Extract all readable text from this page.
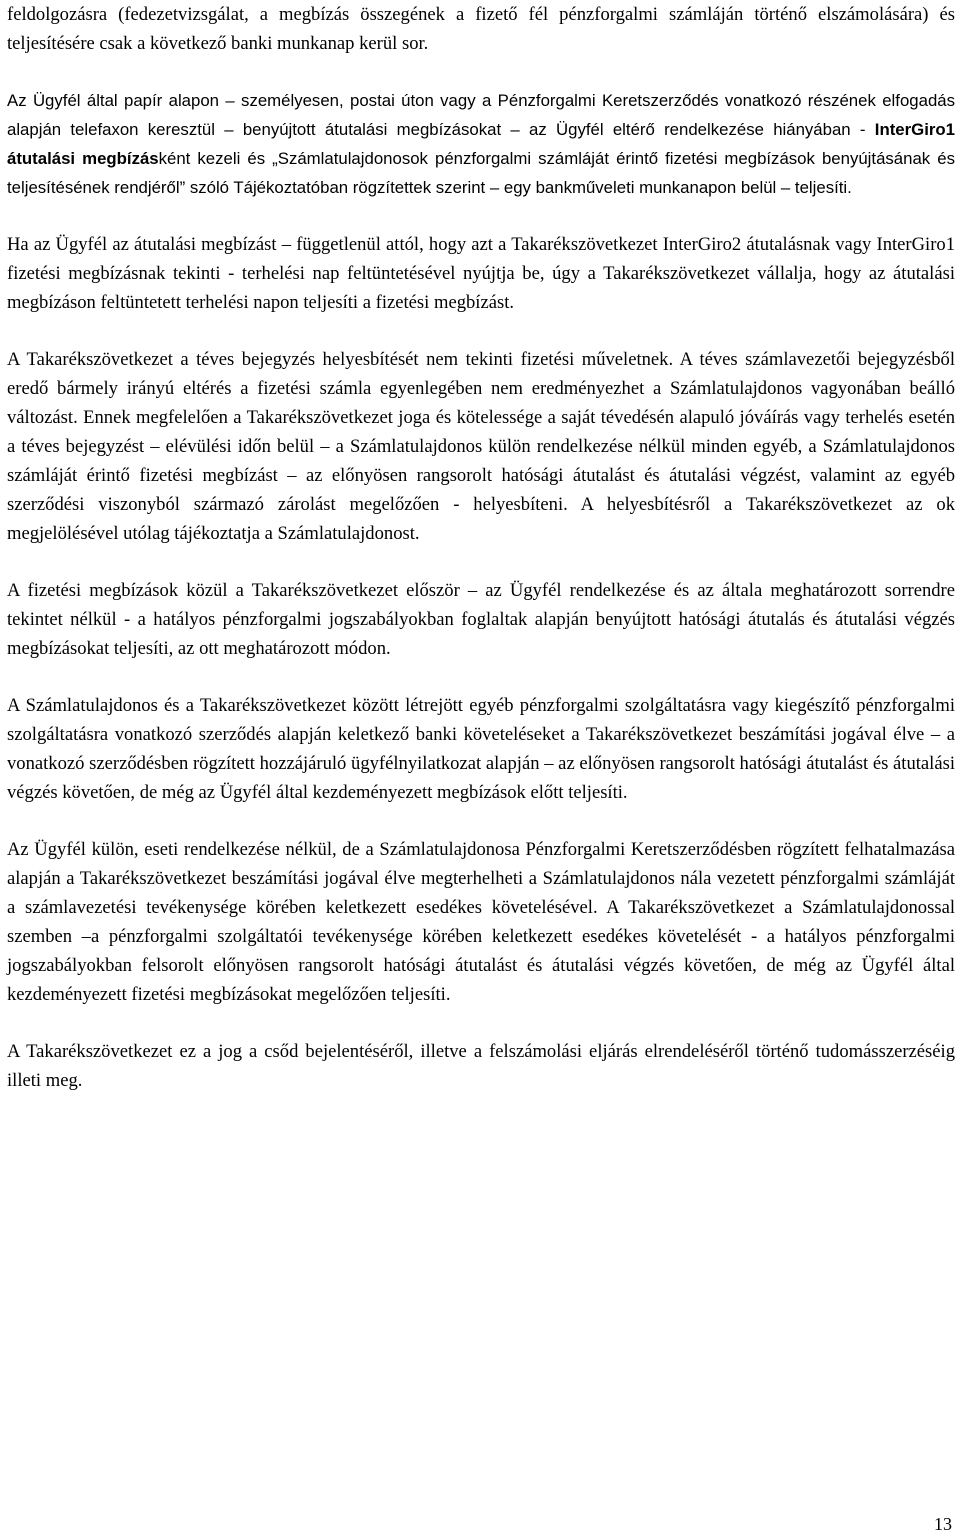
feldolgozásra (fedezetvizsgálat, a megbízás összegének a fizető fél pénzforgalmi számláján történő elszámolására) és teljesítésére csak a következő banki munkanap kerül sor.

Az Ügyfél által papír alapon – személyesen, postai úton vagy a Pénzforgalmi Keretszerződés vonatkozó részének elfogadás alapján telefaxon keresztül – benyújtott átutalási megbízásokat – az Ügyfél eltérő rendelkezése hiányában - InterGiro1 átutalási megbízásként kezeli és „Számlatulajdonosok pénzforgalmi számláját érintő fizetési megbízások benyújtásának és teljesítésének rendjéről” szóló Tájékoztatóban rögzítettek szerint – egy bankműveleti munkanapon belül – teljesíti.

Ha az Ügyfél az átutalási megbízást – függetlenül attól, hogy azt a Takarékszövetkezet InterGiro2 átutalásnak vagy InterGiro1 fizetési megbízásnak tekinti - terhelési nap feltüntetésével nyújtja be, úgy a Takarékszövetkezet vállalja, hogy az átutalási megbízáson feltüntetett terhelési napon teljesíti a fizetési megbízást.

A Takarékszövetkezet a téves bejegyzés helyesbítését nem tekinti fizetési műveletnek. A téves számlavezetői bejegyzésből eredő bármely irányú eltérés a fizetési számla egyenlegében nem eredményezhet a Számlatulajdonos vagyonában beálló változást. Ennek megfelelően a Takarékszövetkezet joga és kötelessége a saját tévedésén alapuló jóváírás vagy terhelés esetén a téves bejegyzést – elévülési időn belül – a Számlatulajdonos külön rendelkezése nélkül minden egyéb, a Számlatulajdonos számláját érintő fizetési megbízást – az előnyösen rangsorolt hatósági átutalást és átutalási végzést, valamint az egyéb szerződési viszonyból származó zárolást megelőzően - helyesbíteni. A helyesbítésről a Takarékszövetkezet az ok megjelölésével utólag tájékoztatja a Számlatulajdonost.

A fizetési megbízások közül a Takarékszövetkezet először – az Ügyfél rendelkezése és az általa meghatározott sorrendre tekintet nélkül - a hatályos pénzforgalmi jogszabályokban foglaltak alapján benyújtott hatósági átutalás és átutalási végzés megbízásokat teljesíti, az ott meghatározott módon.

A Számlatulajdonos és a Takarékszövetkezet között létrejött egyéb pénzforgalmi szolgáltatásra vagy kiegészítő pénzforgalmi szolgáltatásra vonatkozó szerződés alapján keletkező banki követeléseket a Takarékszövetkezet beszámítási jogával élve – a vonatkozó szerződésben rögzített hozzájáruló ügyfélnyilatkozat alapján – az előnyösen rangsorolt hatósági átutalást és átutalási végzés követően, de még az Ügyfél által kezdeményezett megbízások előtt teljesíti.

Az Ügyfél külön, eseti rendelkezése nélkül, de a Számlatulajdonosa Pénzforgalmi Keretszerződésben rögzített felhatalmazása alapján a Takarékszövetkezet beszámítási jogával élve megterhelheti a Számlatulajdonos nála vezetett pénzforgalmi számláját a számlavezetési tevékenysége körében keletkezett esedékes követelésével. A Takarékszövetkezet a Számlatulajdonossal szemben –a pénzforgalmi szolgáltatói tevékenysége körében keletkezett esedékes követelését - a hatályos pénzforgalmi jogszabályokban felsorolt előnyösen rangsorolt hatósági átutalást és átutalási végzés követően, de még az Ügyfél által kezdeményezett fizetési megbízásokat megelőzően teljesíti.

A Takarékszövetkezet ez a jog a csőd bejelentéséről, illetve a felszámolási eljárás elrendeléséről történő tudomásszerzéséig illeti meg.

13
